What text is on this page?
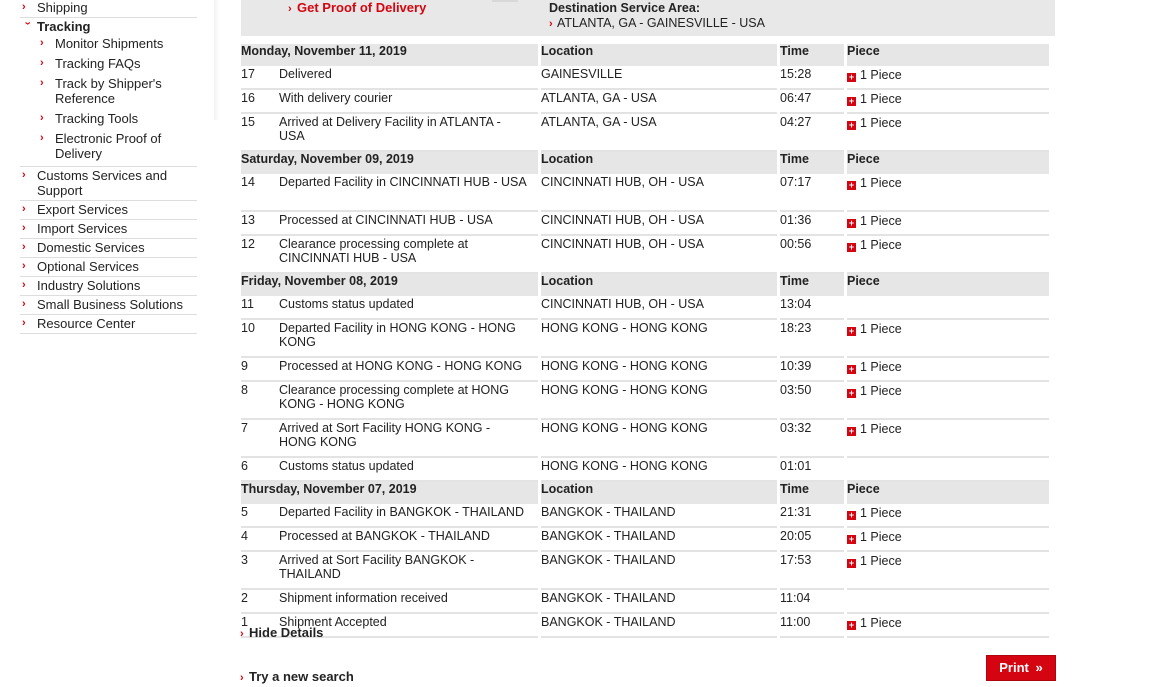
› Shipping
› Tracking
› Monitor Shipments
› Tracking FAQs
› Track by Shipper's Reference
› Tracking Tools
› Electronic Proof of Delivery
› Customs Services and Support
› Export Services
› Import Services
› Domestic Services
› Optional Services
› Industry Solutions
› Small Business Solutions
› Resource Center
› Get Proof of Delivery	Destination Service Area:
› ATLANTA, GA - GAINESVILLE - USA
Monday, November 11, 2019	Location	Time	Piece
17 Delivered	GAINESVILLE	15:28	+ 1 Piece
16 With delivery courier	ATLANTA, GA - USA	06:47	+ 1 Piece
15 Arrived at Delivery Facility in ATLANTA - USA	ATLANTA, GA - USA	04:27	+ 1 Piece
Saturday, November 09, 2019	Location	Time	Piece
14 Departed Facility in CINCINNATI HUB - USA	CINCINNATI HUB, OH - USA	07:17	+ 1 Piece
13 Processed at CINCINNATI HUB - USA	CINCINNATI HUB, OH - USA	01:36	+ 1 Piece
12 Clearance processing complete at CINCINNATI HUB - USA	CINCINNATI HUB, OH - USA	00:56	+ 1 Piece
Friday, November 08, 2019	Location	Time	Piece
11 Customs status updated	CINCINNATI HUB, OH - USA	13:04	
10 Departed Facility in HONG KONG - HONG KONG	HONG KONG - HONG KONG	18:23	+ 1 Piece
9 Processed at HONG KONG - HONG KONG	HONG KONG - HONG KONG	10:39	+ 1 Piece
8 Clearance processing complete at HONG KONG - HONG KONG	HONG KONG - HONG KONG	03:50	+ 1 Piece
7 Arrived at Sort Facility HONG KONG - HONG KONG	HONG KONG - HONG KONG	03:32	+ 1 Piece
6 Customs status updated	HONG KONG - HONG KONG	01:01	
Thursday, November 07, 2019	Location	Time	Piece
5 Departed Facility in BANGKOK - THAILAND	BANGKOK - THAILAND	21:31	+ 1 Piece
4 Processed at BANGKOK - THAILAND	BANGKOK - THAILAND	20:05	+ 1 Piece
3 Arrived at Sort Facility BANGKOK - THAILAND	BANGKOK - THAILAND	17:53	+ 1 Piece
2 Shipment information received	BANGKOK - THAILAND	11:04	
1 Shipment Accepted	BANGKOK - THAILAND	11:00	+ 1 Piece
› Hide Details
› Try a new search
Print »
